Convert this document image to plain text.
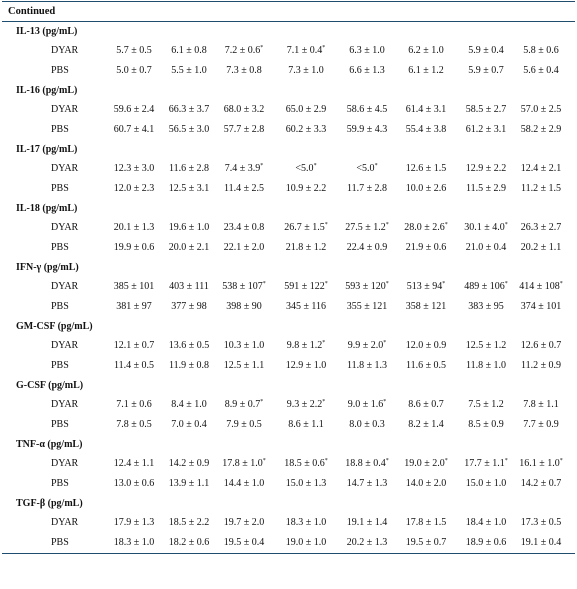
Continued
IL-13 (pg/mL)
DYAR	5.7 ± 0.5	6.1 ± 0.8	7.2 ± 0.6*	7.1 ± 0.4*	6.3 ± 1.0	6.2 ± 1.0	5.9 ± 0.4	5.8 ± 0.6
PBS	5.0 ± 0.7	5.5 ± 1.0	7.3 ± 0.8	7.3 ± 1.0	6.6 ± 1.3	6.1 ± 1.2	5.9 ± 0.7	5.6 ± 0.4
IL-16 (pg/mL)
DYAR	59.6 ± 2.4	66.3 ± 3.7	68.0 ± 3.2	65.0 ± 2.9	58.6 ± 4.5	61.4 ± 3.1	58.5 ± 2.7	57.0 ± 2.5
PBS	60.7 ± 4.1	56.5 ± 3.0	57.7 ± 2.8	60.2 ± 3.3	59.9 ± 4.3	55.4 ± 3.8	61.2 ± 3.1	58.2 ± 2.9
IL-17 (pg/mL)
DYAR	12.3 ± 3.0	11.6 ± 2.8	7.4 ± 3.9*	<5.0*	<5.0*	12.6 ± 1.5	12.9 ± 2.2	12.4 ± 2.1
PBS	12.0 ± 2.3	12.5 ± 3.1	11.4 ± 2.5	10.9 ± 2.2	11.7 ± 2.8	10.0 ± 2.6	11.5 ± 2.9	11.2 ± 1.5
IL-18 (pg/mL)
DYAR	20.1 ± 1.3	19.6 ± 1.0	23.4 ± 0.8	26.7 ± 1.5*	27.5 ± 1.2*	28.0 ± 2.6*	30.1 ± 4.0*	26.3 ± 2.7
PBS	19.9 ± 0.6	20.0 ± 2.1	22.1 ± 2.0	21.8 ± 1.2	22.4 ± 0.9	21.9 ± 0.6	21.0 ± 0.4	20.2 ± 1.1
IFN-γ (pg/mL)
DYAR	385 ± 101	403 ± 111	538 ± 107*	591 ± 122*	593 ± 120*	513 ± 94*	489 ± 106*	414 ± 108*
PBS	381 ± 97	377 ± 98	398 ± 90	345 ± 116	355 ± 121	358 ± 121	383 ± 95	374 ± 101
GM-CSF (pg/mL)
DYAR	12.1 ± 0.7	13.6 ± 0.5	10.3 ± 1.0	9.8 ± 1.2*	9.9 ± 2.0*	12.0 ± 0.9	12.5 ± 1.2	12.6 ± 0.7
PBS	11.4 ± 0.5	11.9 ± 0.8	12.5 ± 1.1	12.9 ± 1.0	11.8 ± 1.3	11.6 ± 0.5	11.8 ± 1.0	11.2 ± 0.9
G-CSF (pg/mL)
DYAR	7.1 ± 0.6	8.4 ± 1.0	8.9 ± 0.7*	9.3 ± 2.2*	9.0 ± 1.6*	8.6 ± 0.7	7.5 ± 1.2	7.8 ± 1.1
PBS	7.8 ± 0.5	7.0 ± 0.4	7.9 ± 0.5	8.6 ± 1.1	8.0 ± 0.3	8.2 ± 1.4	8.5 ± 0.9	7.7 ± 0.9
TNF-α (pg/mL)
DYAR	12.4 ± 1.1	14.2 ± 0.9	17.8 ± 1.0*	18.5 ± 0.6*	18.8 ± 0.4*	19.0 ± 2.0*	17.7 ± 1.1*	16.1 ± 1.0*
PBS	13.0 ± 0.6	13.9 ± 1.1	14.4 ± 1.0	15.0 ± 1.3	14.7 ± 1.3	14.0 ± 2.0	15.0 ± 1.0	14.2 ± 0.7
TGF-β (pg/mL)
DYAR	17.9 ± 1.3	18.5 ± 2.2	19.7 ± 2.0	18.3 ± 1.0	19.1 ± 1.4	17.8 ± 1.5	18.4 ± 1.0	17.3 ± 0.5
PBS	18.3 ± 1.0	18.2 ± 0.6	19.5 ± 0.4	19.0 ± 1.0	20.2 ± 1.3	19.5 ± 0.7	18.9 ± 0.6	19.1 ± 0.4
